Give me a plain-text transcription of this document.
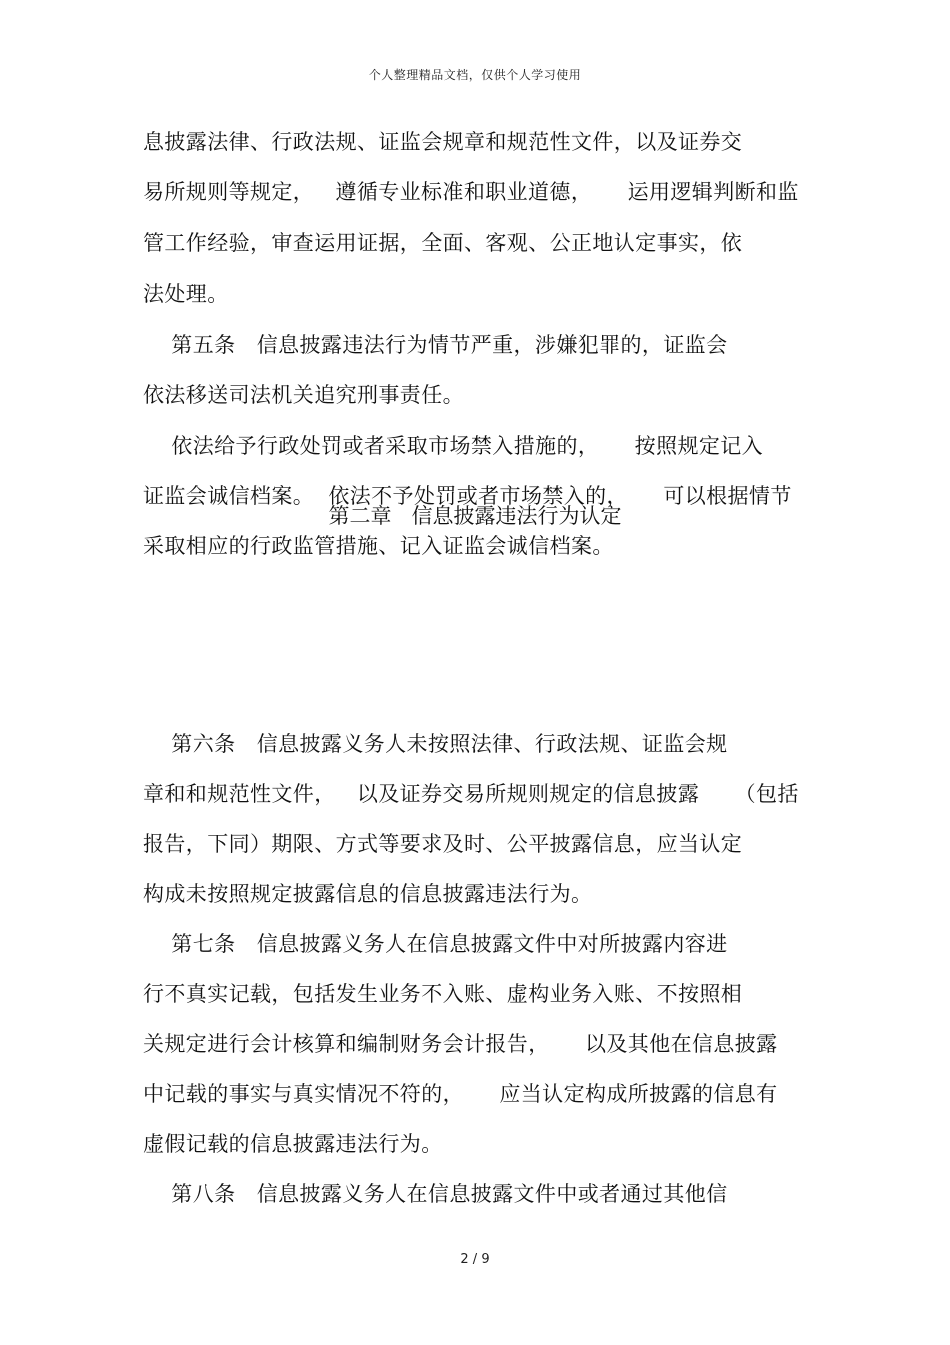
个人整理精品文档，仅供个人学习使用
息披露法律、行政法规、证监会规章和规范性文件，以及证券交
易所规则等规定，   遵循专业标准和职业道德，     运用逻辑判断和监
管工作经验，审查运用证据，全面、客观、公正地认定事实，依
法处理。
第五条   信息披露违法行为情节严重，涉嫌犯罪的，证监会
依法移送司法机关追究刑事责任。
依法给予行政处罚或者采取市场禁入措施的，     按照规定记入
证监会诚信档案。  依法不予处罚或者市场禁入的，     可以根据情节
采取相应的行政监管措施、记入证监会诚信档案。
第二章   信息披露违法行为认定
第六条   信息披露义务人未按照法律、行政法规、证监会规
章和和规范性文件，   以及证券交易所规则规定的信息披露     （包括
报告，下同）期限、方式等要求及时、公平披露信息，应当认定
构成未按照规定披露信息的信息披露违法行为。
第七条   信息披露义务人在信息披露文件中对所披露内容进
行不真实记载，包括发生业务不入账、虚构业务入账、不按照相
关规定进行会计核算和编制财务会计报告，     以及其他在信息披露
中记载的事实与真实情况不符的，     应当认定构成所披露的信息有
虚假记载的信息披露违法行为。
第八条   信息披露义务人在信息披露文件中或者通过其他信
2 / 9
